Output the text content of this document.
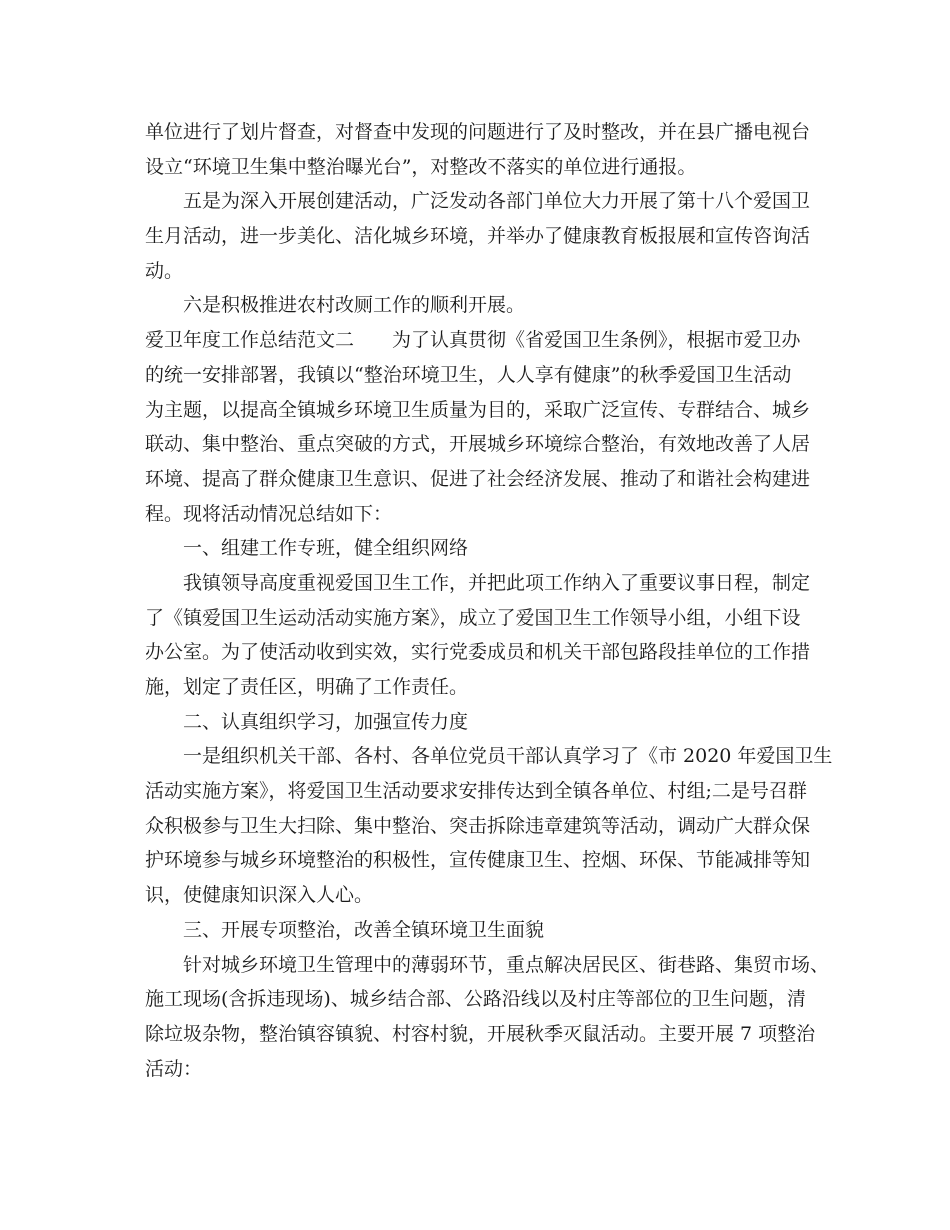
单位进行了划片督查，对督查中发现的问题进行了及时整改，并在县广播电视台
设立“环境卫生集中整治曝光台”，对整改不落实的单位进行通报。
五是为深入开展创建活动，广泛发动各部门单位大力开展了第十八个爱国卫
生月活动，进一步美化、洁化城乡环境，并举办了健康教育板报展和宣传咨询活
动。
六是积极推进农村改厕工作的顺利开展。
爱卫年度工作总结范文二　　为了认真贯彻《省爱国卫生条例》，根据市爱卫办
的统一安排部署，我镇以“整治环境卫生，人人享有健康”的秋季爱国卫生活动
为主题，以提高全镇城乡环境卫生质量为目的，采取广泛宣传、专群结合、城乡
联动、集中整治、重点突破的方式，开展城乡环境综合整治，有效地改善了人居
环境、提高了群众健康卫生意识、促进了社会经济发展、推动了和谐社会构建进
程。现将活动情况总结如下：
一、组建工作专班，健全组织网络
我镇领导高度重视爱国卫生工作，并把此项工作纳入了重要议事日程，制定
了《镇爱国卫生运动活动实施方案》，成立了爱国卫生工作领导小组，小组下设
办公室。为了使活动收到实效，实行党委成员和机关干部包路段挂单位的工作措
施，划定了责任区，明确了工作责任。
二、认真组织学习，加强宣传力度
一是组织机关干部、各村、各单位党员干部认真学习了《市 2020 年爱国卫生
活动实施方案》，将爱国卫生活动要求安排传达到全镇各单位、村组;二是号召群
众积极参与卫生大扫除、集中整治、突击拆除违章建筑等活动，调动广大群众保
护环境参与城乡环境整治的积极性，宣传健康卫生、控烟、环保、节能减排等知
识，使健康知识深入人心。
三、开展专项整治，改善全镇环境卫生面貌
针对城乡环境卫生管理中的薄弱环节，重点解决居民区、街巷路、集贸市场、
施工现场(含拆违现场)、城乡结合部、公路沿线以及村庄等部位的卫生问题，清
除垃圾杂物，整治镇容镇貌、村容村貌，开展秋季灭鼠活动。主要开展 7 项整治
活动：
